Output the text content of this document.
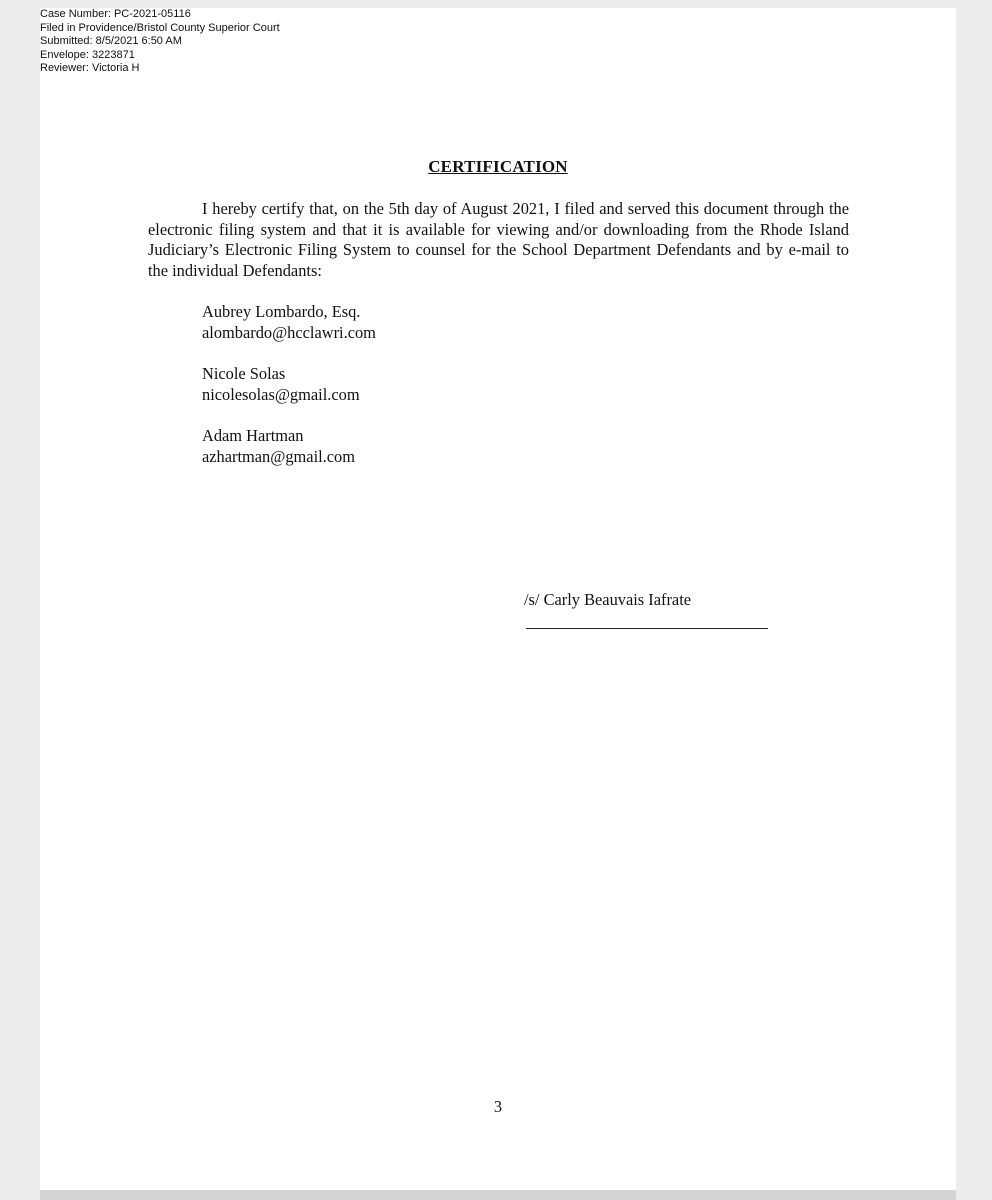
Case Number: PC-2021-05116
Filed in Providence/Bristol County Superior Court
Submitted: 8/5/2021 6:50 AM
Envelope: 3223871
Reviewer: Victoria H
CERTIFICATION
I hereby certify that, on the 5th day of August 2021, I filed and served this document through the electronic filing system and that it is available for viewing and/or downloading from the Rhode Island Judiciary’s Electronic Filing System to counsel for the School Department Defendants and by e-mail to the individual Defendants:
Aubrey Lombardo, Esq.
alombardo@hcclawri.com
Nicole Solas
nicolesolas@gmail.com
Adam Hartman
azhartman@gmail.com
/s/ Carly Beauvais Iafrate
3
